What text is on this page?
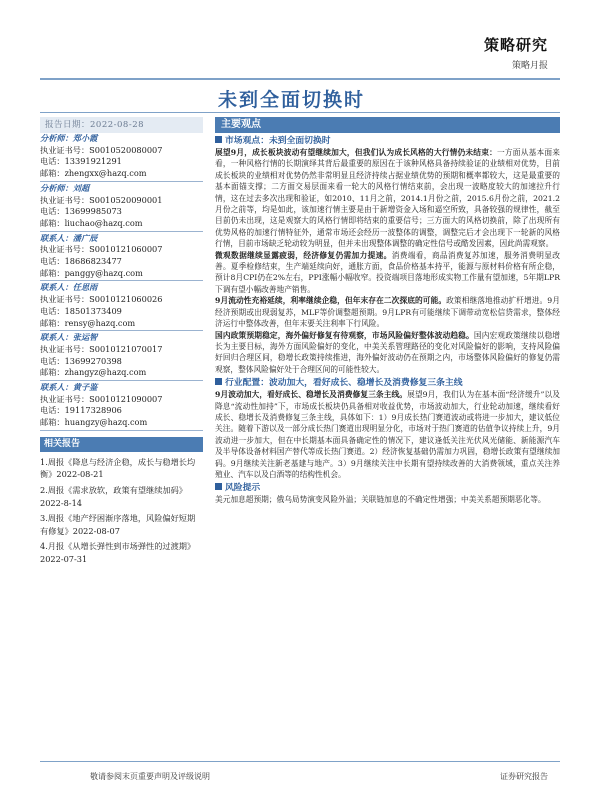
策略研究
策略月报
未到全面切换时
报告日期：2022-08-28
分析师：郑小霞
执业证书号：S0010520080007
电话：13391921291
邮箱：zhengxx@hazq.com
分析师：刘超
执业证书号：S0010520090001
电话：13699985073
邮箱：liuchao@hazq.com
联系人：潘广辰
执业证书号：S0010121060007
电话：18686823477
邮箱：panggy@hazq.com
联系人：任思雨
执业证书号：S0010121060026
电话：18501373409
邮箱：rensy@hazq.com
联系人：张运智
执业证书号：S0010121070017
电话：13699270398
邮箱：zhangyz@hazq.com
联系人：黄子鉴
执业证书号：S0010121090007
电话：19117328906
邮箱：huangzy@hazq.com
相关报告
1.周报《降息与经济企稳，成长与稳增长均衡》2022-08-21
2.周报《需求放软，政策有望继续加码》2022-8-14
3.周报《地产纾困渐序落地，风险偏好短期有修复》2022-08-07
4.月报《从增长弹性到市场弹性的过渡期》2022-07-31
主要观点
市场观点：未到全面切换时
展望9月，成长板块波动有望继续加大，但我们认为成长风格的大行情仍未结束：一方面从基本面来看，一种风格行情的长期演绎其背后最重要的原因在于该种风格具备持续验证的业绩相对优势，目前成长板块的业绩相对优势仍然非常明显且经济持续占据业绩优势的预期和概率都较大，这是最重要的基本面锚支撑；二方面交易层面来看一轮大的风格行情结束前，会出现一波略度较大的加速拉升行情，这在过去多次出现和验证，如2010、11月之前，2014.1月份之前，2015.6月份之前，2021.2月份之前等，均是如此，该加速行情主要是由于新增资金入场和逼空所致，具备较强的规律性，截至目前仍未出现，这是观察大的风格行情即将结束的重要信号；三方面大的风格切换前，除了出现所有优势风格的加速行情特征外，通常市场还会经历一波整体的调整，调整完后才会出现下一轮新的风格行情，目前市场缺乏轮动较为明显，但并未出现整体调整的确定性信号或酷发因素，因此尚需观察。
微观数据继续显露疲弱，经济修复仍需加力提速。消费端看，商品消费复苏加速，服务消费明显改善。夏季检修结束，生产端延续向好，通胀方面，食品价格基本持平，能源与原材料价格有所企稳，预计8月CPI仍在2%左右，PPI涨幅小幅收窄。投资端项目落地形成实物工作量有望加速，5年期LPR下调有望小幅改善地产销售。
9月流动性充裕延续，利率继续企稳，但年末存在二次探底的可能。政策相继落地推动扩杆增进。9月经济预期或出现弱复苏，MLF等价调整超预期。9月LPR有可能继续下调带动宽松信贷需求，整体经济运行中整体改善，但年末要关注利率下行风险。
国内政策预期稳定，海外偏好修复有待观察，市场风险偏好整体波动趋稳。国内宏观政策继续以稳增长为主要目标，海外方面风险偏好的变化，中美关系管理路径的变化对风险偏好的影响，支持风险偏好回归合理区间，稳增长政策持续推进，海外偏好波动仍在预期之内，市场整体风险偏好的修复仍需观察，整体风险偏好处于合理区间的可能性较大。
行业配置：波动加大，看好成长、稳增长及消费修复三条主线
9月波动加大，看好成长、稳增长及消费修复三条主线。展望9月，我们认为在基本面“经济缓升”以及降息“流动性加持”下，市场成长板块仍具备相对收益优势，市场波动加大，行业轮动加速，继续看好成长、稳增长及消费修复三条主线，具体如下：1）9月成长热门赛道波动或将进一步加大，建议低位关注。随着下游以及一部分成长热门赛道出现明显分化，市场对于热门赛道的估值争议持续上升，9月波动进一步加大，但在中长期基本面具备确定性的情况下，建议逢低关注光伏风光储能、新能源汽车及半导体设备材料国产替代等成长热门赛道。2）经济恢复基础仍需加力巩固，稳增长政策有望继续加码。9月继续关注新老基建与地产。3）9月继续关注中长期有望持续改善的大消费领域，重点关注养殖业、汽车以及白酒等的结构性机会。
风险提示
美元加息超预期；俄乌局势演变风险外溢；关联链加息的不确定性增强；中美关系超预期恶化等。
敬请参阅末页重要声明及评级说明	证券研究报告
